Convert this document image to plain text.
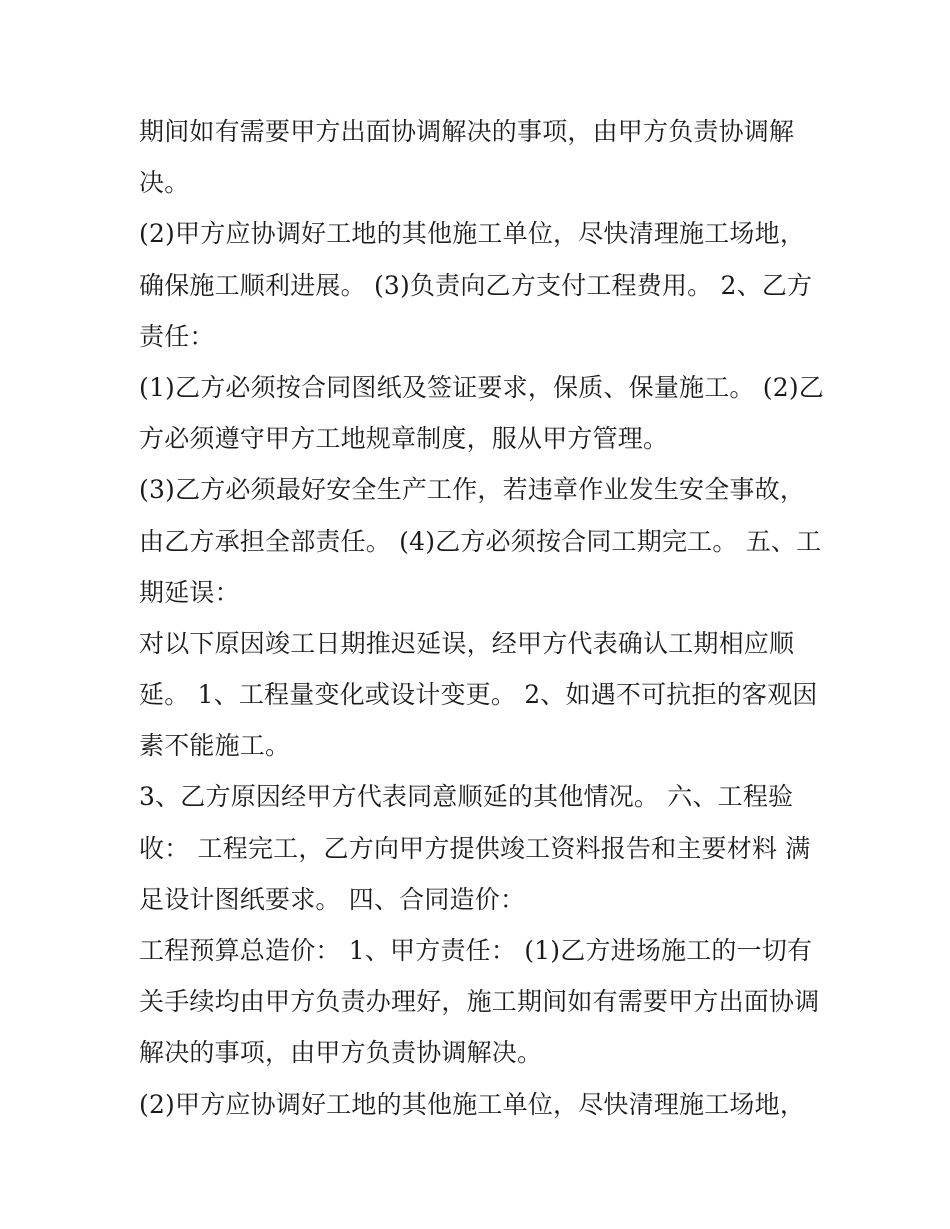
期间如有需要甲方出面协调解决的事项，由甲方负责协调解
决。
(2)甲方应协调好工地的其他施工单位，尽快清理施工场地，
确保施工顺利进展。 (3)负责向乙方支付工程费用。 2、乙方
责任：
(1)乙方必须按合同图纸及签证要求，保质、保量施工。 (2)乙
方必须遵守甲方工地规章制度，服从甲方管理。
(3)乙方必须最好安全生产工作，若违章作业发生安全事故，
由乙方承担全部责任。 (4)乙方必须按合同工期完工。 五、工
期延误：
对以下原因竣工日期推迟延误，经甲方代表确认工期相应顺
延。 1、工程量变化或设计变更。 2、如遇不可抗拒的客观因
素不能施工。
3、乙方原因经甲方代表同意顺延的其他情况。 六、工程验
收： 工程完工，乙方向甲方提供竣工资料报告和主要材料 满
足设计图纸要求。 四、合同造价：
工程预算总造价： 1、甲方责任： (1)乙方进场施工的一切有
关手续均由甲方负责办理好，施工期间如有需要甲方出面协调
解决的事项，由甲方负责协调解决。
(2)甲方应协调好工地的其他施工单位，尽快清理施工场地，
